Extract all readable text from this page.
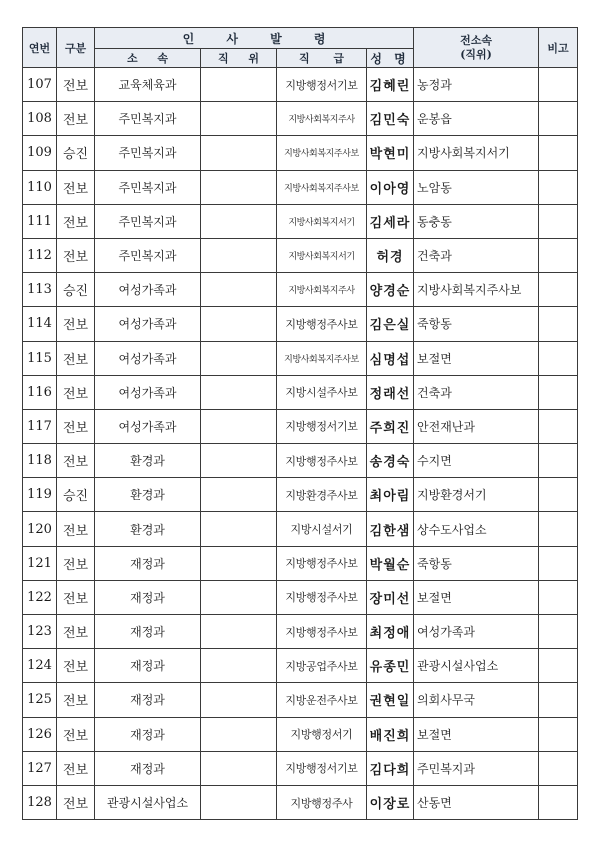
연번	구분	인 사 발 령				전소속
(직위)	비고
		소 속	직 위	직 급	성 명		
107	전보	교육체육과		지방행정서기보	김혜린	농정과	
108	전보	주민복지과		지방사회복지주사	김민숙	운봉읍	
109	승진	주민복지과		지방사회복지주사보	박현미	지방사회복지서기	
110	전보	주민복지과		지방사회복지주사보	이아영	노암동	
111	전보	주민복지과		지방사회복지서기	김세라	동충동	
112	전보	주민복지과		지방사회복지서기	허경	건축과	
113	승진	여성가족과		지방사회복지주사	양경순	지방사회복지주사보	
114	전보	여성가족과		지방행정주사보	김은실	죽항동	
115	전보	여성가족과		지방사회복지주사보	심명섭	보절면	
116	전보	여성가족과		지방시설주사보	정래선	건축과	
117	전보	여성가족과		지방행정서기보	주희진	안전재난과	
118	전보	환경과		지방행정주사보	송경숙	수지면	
119	승진	환경과		지방환경주사보	최아림	지방환경서기	
120	전보	환경과		지방시설서기	김한샘	상수도사업소	
121	전보	재정과		지방행정주사보	박월순	죽항동	
122	전보	재정과		지방행정주사보	장미선	보절면	
123	전보	재정과		지방행정주사보	최정애	여성가족과	
124	전보	재정과		지방공업주사보	유종민	관광시설사업소	
125	전보	재정과		지방운전주사보	권현일	의회사무국	
126	전보	재정과		지방행정서기	배진희	보절면	
127	전보	재정과		지방행정서기보	김다희	주민복지과	
128	전보	관광시설사업소		지방행정주사	이장로	산동면	
